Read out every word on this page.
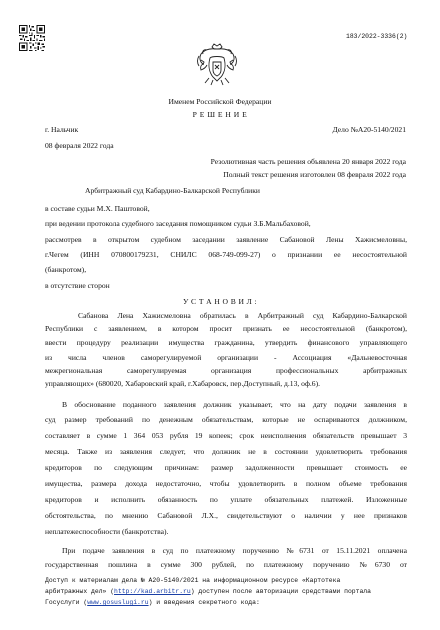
183/2022-3336(2)
Именем Российской Федерации
Р Е Ш Е Н И Е
г. Нальчик	Дело №А20-5140/2021
08 февраля 2022 года
Резолютивная часть решения объявлена 20 января 2022 года
Полный текст решения изготовлен 08 февраля 2022 года
Арбитражный суд Кабардино-Балкарской Республики
в составе судьи М.Х. Паштовой,
при ведении протокола судебного заседания помощником судьи З.Б.Мальбаховой,
рассмотрев в открытом судебном заседании заявление Сабановой Лены Хажисмеловны,
г.Чегем (ИНН 070800179231, СНИЛС 068-749-099-27) о признании ее несостоятельной
(банкротом),
в отсутствие сторон
У С Т А Н О В И Л :
Сабанова Лена Хажисмеловна обратилась в Арбитражный суд Кабардино-Балкарской
Республики с заявлением, в котором просит признать ее несостоятельной (банкротом),
ввести процедуру реализации имущества гражданина, утвердить финансового управляющего
из числа членов саморегулируемой организации - Ассоциация «Дальневосточная
межрегиональная саморегулируемая организация профессиональных арбитражных
управляющих» (680020, Хабаровский край, г.Хабаровск, пер.Доступный, д.13, оф.6).
В обоснование поданного заявления должник указывает, что на дату подачи заявления в
суд размер требований по денежным обязательствам, которые не оспариваются должником,
составляет в сумме 1 364 053 рубля 19 копеек; срок неисполнения обязательств превышает 3
месяца. Также из заявления следует, что должник не в состоянии удовлетворить требования
кредиторов по следующим причинам: размер задолженности превышает стоимость ее
имущества, размера дохода недостаточно, чтобы удовлетворить в полном объеме требования
кредиторов и исполнить обязанность по уплате обязательных платежей. Изложенные
обстоятельства, по мнению Сабановой Л.Х., свидетельствуют о наличии у нее признаков
неплатежеспособности (банкротства).
При подаче заявления в суд по платежному поручению №6731 от 15.11.2021 оплачена
государственная пошлина в сумме 300 рублей, по платежному поручению №6730 от
Доступ к материалам дела № А20-5140/2021 на информационном ресурсе «Картотека
арбитражных дел» (http://kad.arbitr.ru) доступен после авторизации средствами портала
Госуслуги (www.gosuslugi.ru) и введения секретного кода:
